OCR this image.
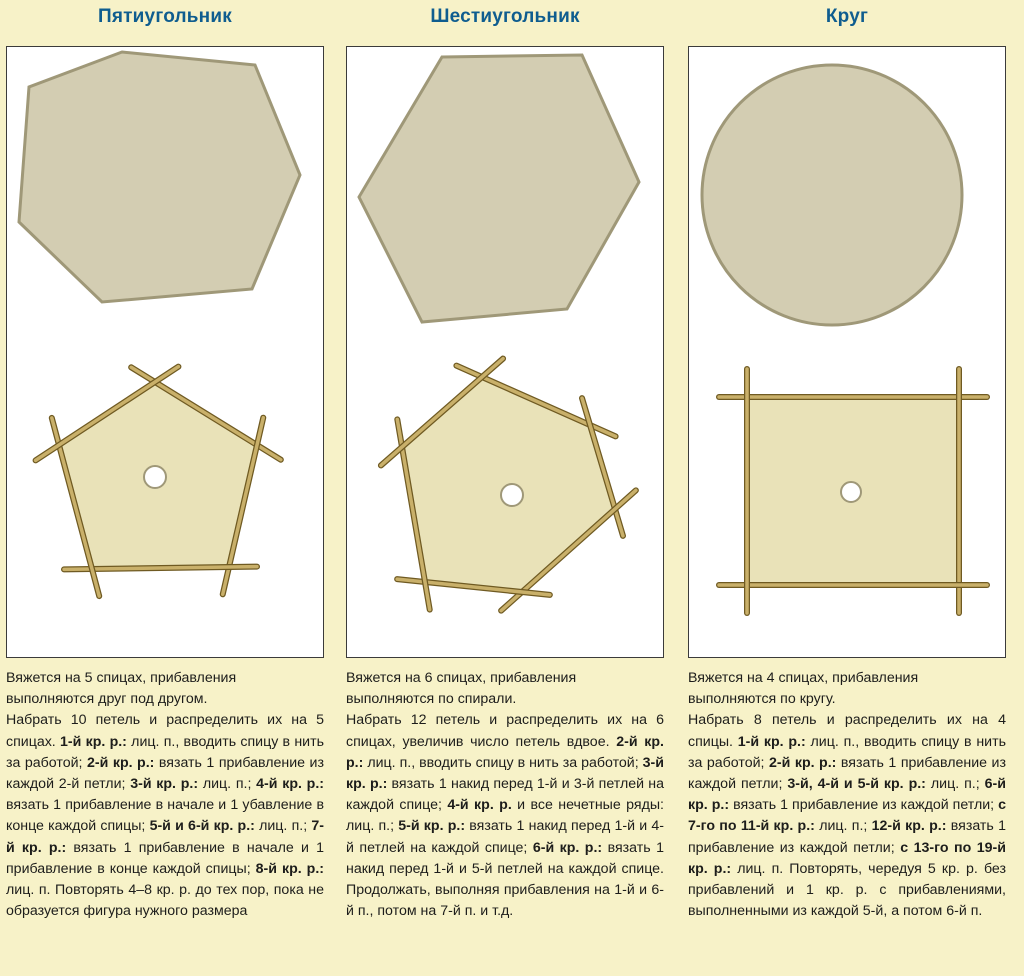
Пятиугольник

Вяжется на 5 спицах, прибавления выполняются друг под другом.

Набрать 10 петель и распределить их на 5 спицах. 1-й кр. р.: лиц. п., вводить спицу в нить за работой; 2-й кр. р.: вязать 1 прибавление из каждой 2-й петли; 3-й кр. р.: лиц. п.; 4-й кр. р.: вязать 1 прибавление в начале и 1 убавление в конце каждой спицы; 5-й и 6-й кр. р.: лиц. п.; 7-й кр. р.: вязать 1 прибавление в начале и 1 прибавление в конце каждой спицы; 8-й кр. р.: лиц. п. Повторять 4–8 кр. р. до тех пор, пока не образуется фигура нужного размера

Шестиугольник

Вяжется на 6 спицах, прибавления выполняются по спирали.

Набрать 12 петель и распределить их на 6 спицах, увеличив число петель вдвое. 2-й кр. р.: лиц. п., вводить спицу в нить за работой; 3-й кр. р.: вязать 1 накид перед 1-й и 3-й петлей на каждой спице; 4-й кр. р. и все нечетные ряды: лиц. п.; 5-й кр. р.: вязать 1 накид перед 1-й и 4-й петлей на каждой спице; 6-й кр. р.: вязать 1 накид перед 1-й и 5-й петлей на каждой спице. Продолжать, выполняя прибавления на 1-й и 6-й п., потом на 7-й п. и т.д.

Круг

Вяжется на 4 спицах, прибавления выполняются по кругу.

Набрать 8 петель и распределить их на 4 спицы. 1-й кр. р.: лиц. п., вводить спицу в нить за работой; 2-й кр. р.: вязать 1 прибавление из каждой петли; 3-й, 4-й и 5-й кр. р.: лиц. п.; 6-й кр. р.: вязать 1 прибавление из каждой петли; с 7-го по 11-й кр. р.: лиц. п.; 12-й кр. р.: вязать 1 прибавление из каждой петли; с 13-го по 19-й кр. р.: лиц. п. Повторять, чередуя 5 кр. р. без прибавлений и 1 кр. р. с прибавлениями, выполненными из каждой 5-й, а потом 6-й п.
